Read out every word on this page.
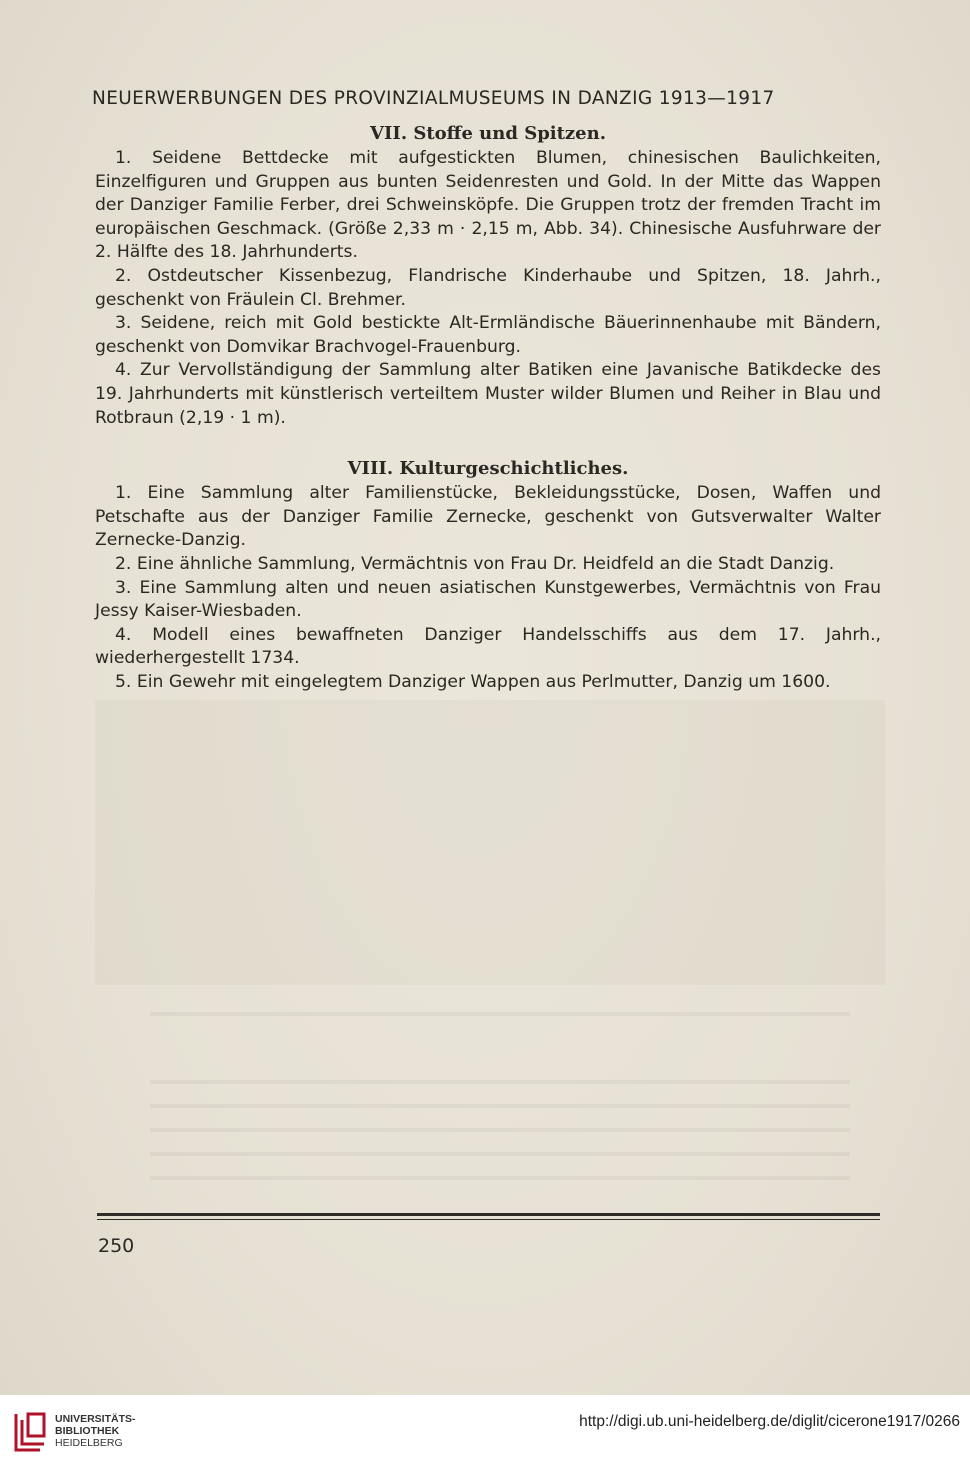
NEUERWERBUNGEN DES PROVINZIALMUSEUMS IN DANZIG 1913—1917
VII. Stoffe und Spitzen.

1. Seidene Bettdecke mit aufgestickten Blumen, chinesischen Baulichkeiten, Einzelfiguren und Gruppen aus bunten Seidenresten und Gold. In der Mitte das Wappen der Danziger Familie Ferber, drei Schweinsköpfe. Die Gruppen trotz der fremden Tracht im europäischen Geschmack. (Größe 2,33 m · 2,15 m, Abb. 34). Chinesische Ausfuhrware der 2. Hälfte des 18. Jahrhunderts.

2. Ostdeutscher Kissenbezug, Flandrische Kinderhaube und Spitzen, 18. Jahrh., geschenkt von Fräulein Cl. Brehmer.

3. Seidene, reich mit Gold bestickte Alt-Ermländische Bäuerinnenhaube mit Bändern, geschenkt von Domvikar Brachvogel-Frauenburg.

4. Zur Vervollständigung der Sammlung alter Batiken eine Javanische Batikdecke des 19. Jahrhunderts mit künstlerisch verteiltem Muster wilder Blumen und Reiher in Blau und Rotbraun (2,19 · 1 m).

VIII. Kulturgeschichtliches.

1. Eine Sammlung alter Familienstücke, Bekleidungsstücke, Dosen, Waffen und Petschafte aus der Danziger Familie Zernecke, geschenkt von Gutsverwalter Walter Zernecke-Danzig.

2. Eine ähnliche Sammlung, Vermächtnis von Frau Dr. Heidfeld an die Stadt Danzig.

3. Eine Sammlung alten und neuen asiatischen Kunstgewerbes, Vermächtnis von Frau Jessy Kaiser-Wiesbaden.

4. Modell eines bewaffneten Danziger Handelsschiffs aus dem 17. Jahrh., wiederhergestellt 1734.

5. Ein Gewehr mit eingelegtem Danziger Wappen aus Perlmutter, Danzig um 1600.

250
UNIVERSITÄTS-
BIBLIOTHEK
HEIDELBERG
http://digi.ub.uni-heidelberg.de/diglit/cicerone1917/0266
